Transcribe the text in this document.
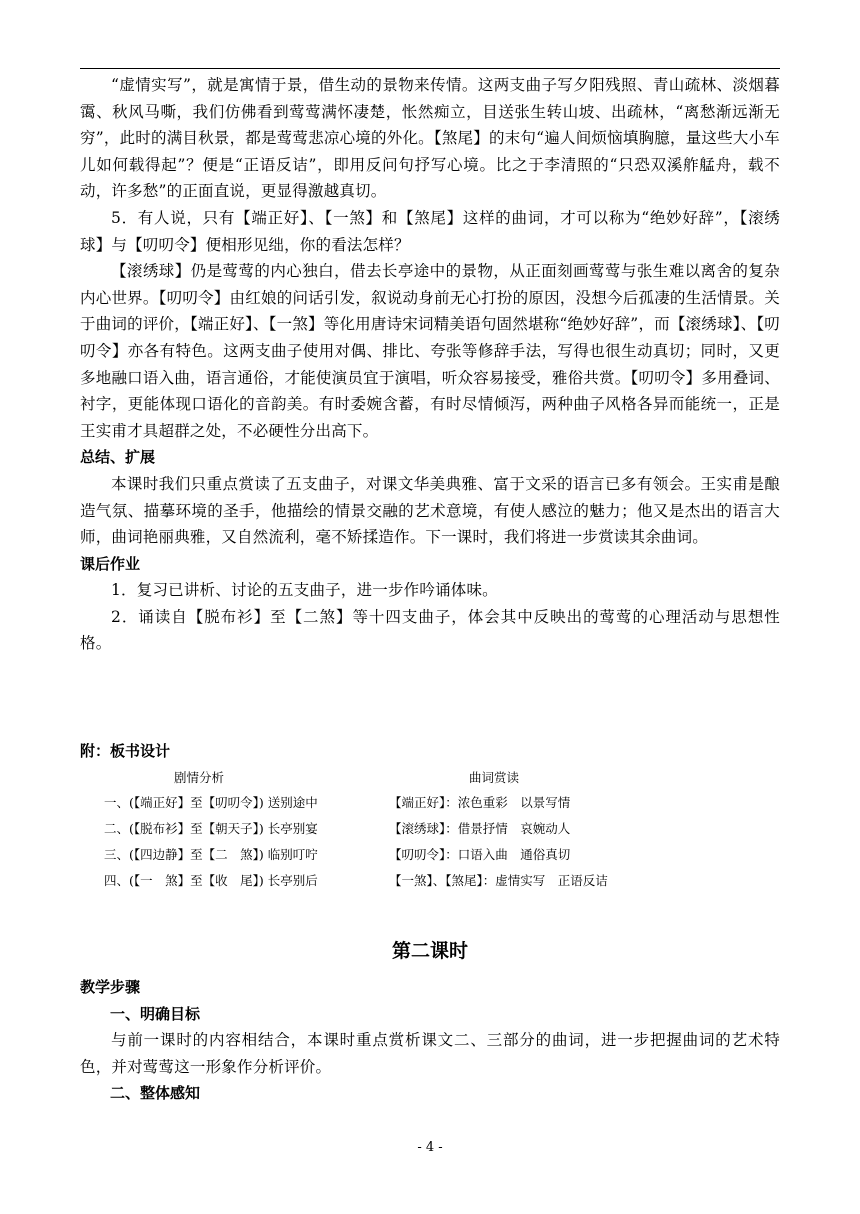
“虚情实写”，就是寓情于景，借生动的景物来传情。这两支曲子写夕阳残照、青山疏林、淡烟暮霭、秋风马嘶，我们仿佛看到莺莺满怀凄楚，怅然痴立，目送张生转山坡、出疏林，“离愁渐远渐无穷”，此时的满目秋景，都是莺莺悲凉心境的外化。【煞尾】的末句“遍人间烦恼填胸臆，量这些大小车儿如何载得起”？便是“正语反诘”，即用反问句抒写心境。比之于李清照的“只恐双溪舴艋舟，载不动，许多愁”的正面直说，更显得激越真切。

5．有人说，只有【端正好】、【一煞】和【煞尾】这样的曲词，才可以称为“绝妙好辞”，【滚绣球】与【叨叨令】便相形见绌，你的看法怎样？

【滚绣球】仍是莺莺的内心独白，借去长亭途中的景物，从正面刻画莺莺与张生难以离舍的复杂内心世界。【叨叨令】由红娘的问话引发，叙说动身前无心打扮的原因，没想今后孤凄的生活情景。关于曲词的评价，【端正好】、【一煞】等化用唐诗宋词精美语句固然堪称“绝妙好辞”，而【滚绣球】、【叨叨令】亦各有特色。这两支曲子使用对偶、排比、夸张等修辞手法，写得也很生动真切；同时，又更多地融口语入曲，语言通俗，才能使演员宜于演唱，听众容易接受，雅俗共赏。【叨叨令】多用叠词、衬字，更能体现口语化的音韵美。有时委婉含蓄，有时尽情倾泻，两种曲子风格各异而能统一，正是王实甫才具超群之处，不必硬性分出高下。

总结、扩展

本课时我们只重点赏读了五支曲子，对课文华美典雅、富于文采的语言已多有领会。王实甫是酿造气氛、描摹环境的圣手，他描绘的情景交融的艺术意境，有使人感泣的魅力；他又是杰出的语言大师，曲词艳丽典雅，又自然流利，毫不矫揉造作。下一课时，我们将进一步赏读其余曲词。

课后作业

1．复习已讲析、讨论的五支曲子，进一步作吟诵体味。

2．诵读自【脱布衫】至【二煞】等十四支曲子，体会其中反映出的莺莺的心理活动与思想性格。

附：板书设计
剧情分析	曲词赏读
一、(【端正好】至【叨叨令】) 送别途中	【端正好】：浓色重彩　以景写情
二、(【脱布衫】至【朝天子】) 长亭别宴	【滚绣球】：借景抒情　哀婉动人
三、(【四边静】至【二　煞】) 临别叮咛	【叨叨令】：口语入曲　通俗真切
四、(【一　煞】至【收　尾】) 长亭别后	【一煞】、【煞尾】：虚情实写　正语反诘
第二课时

教学步骤

一、明确目标

与前一课时的内容相结合，本课时重点赏析课文二、三部分的曲词，进一步把握曲词的艺术特色，并对莺莺这一形象作分析评价。

二、整体感知

- 4 -
